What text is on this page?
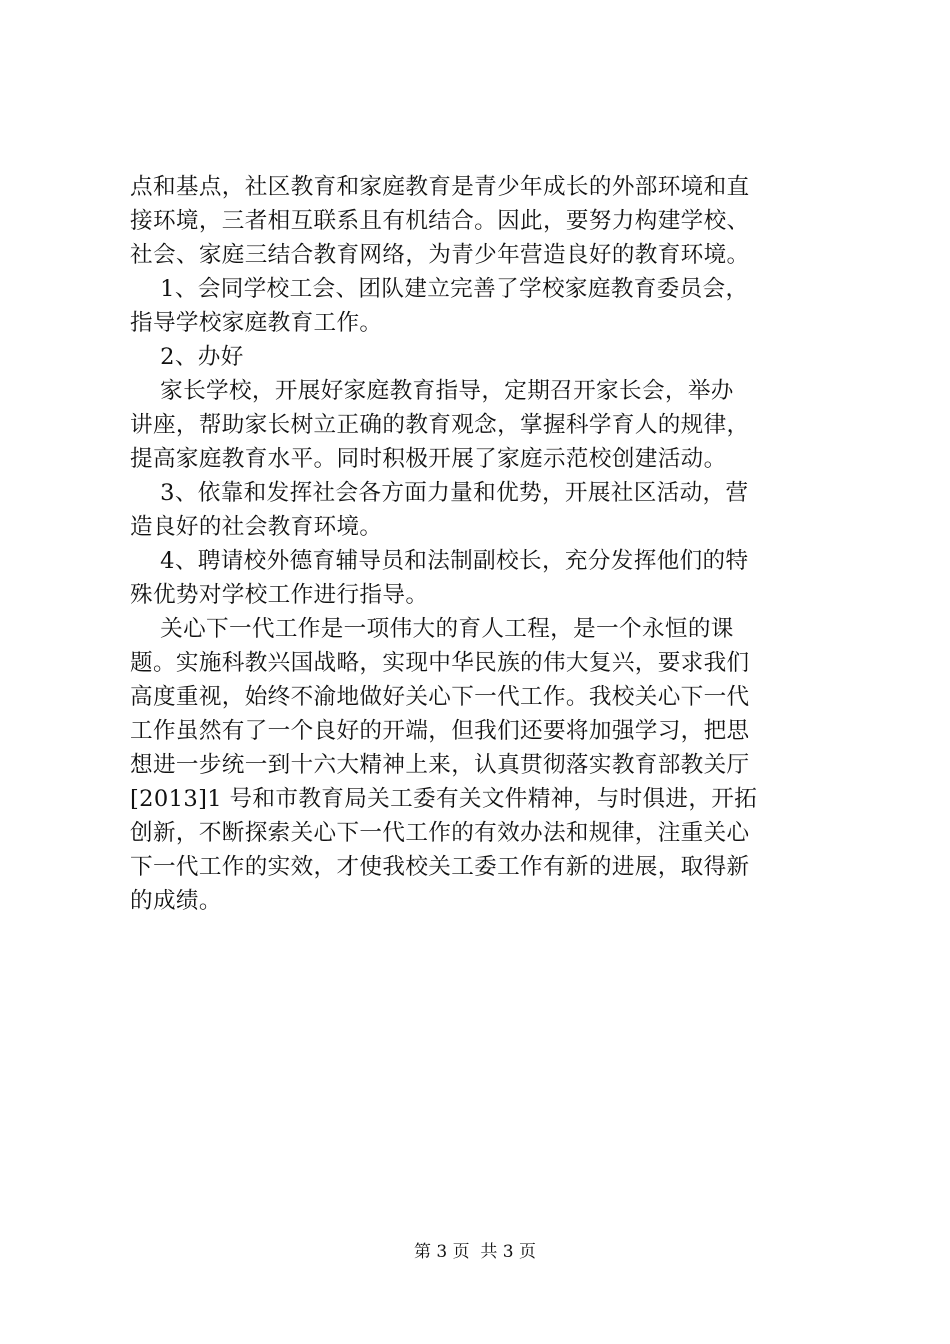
点和基点，社区教育和家庭教育是青少年成长的外部环境和直
接环境，三者相互联系且有机结合。因此，要努力构建学校、
社会、家庭三结合教育网络，为青少年营造良好的教育环境。
1、会同学校工会、团队建立完善了学校家庭教育委员会，
指导学校家庭教育工作。
2、办好
家长学校，开展好家庭教育指导，定期召开家长会，举办
讲座，帮助家长树立正确的教育观念，掌握科学育人的规律，
提高家庭教育水平。同时积极开展了家庭示范校创建活动。
3、依靠和发挥社会各方面力量和优势，开展社区活动，营
造良好的社会教育环境。
4、聘请校外德育辅导员和法制副校长，充分发挥他们的特
殊优势对学校工作进行指导。
关心下一代工作是一项伟大的育人工程，是一个永恒的课
题。实施科教兴国战略，实现中华民族的伟大复兴，要求我们
高度重视，始终不渝地做好关心下一代工作。我校关心下一代
工作虽然有了一个良好的开端，但我们还要将加强学习，把思
想进一步统一到十六大精神上来，认真贯彻落实教育部教关厅
[2013]1 号和市教育局关工委有关文件精神，与时俱进，开拓
创新，不断探索关心下一代工作的有效办法和规律，注重关心
下一代工作的实效，才使我校关工委工作有新的进展，取得新
的成绩。
第 3 页  共 3 页
